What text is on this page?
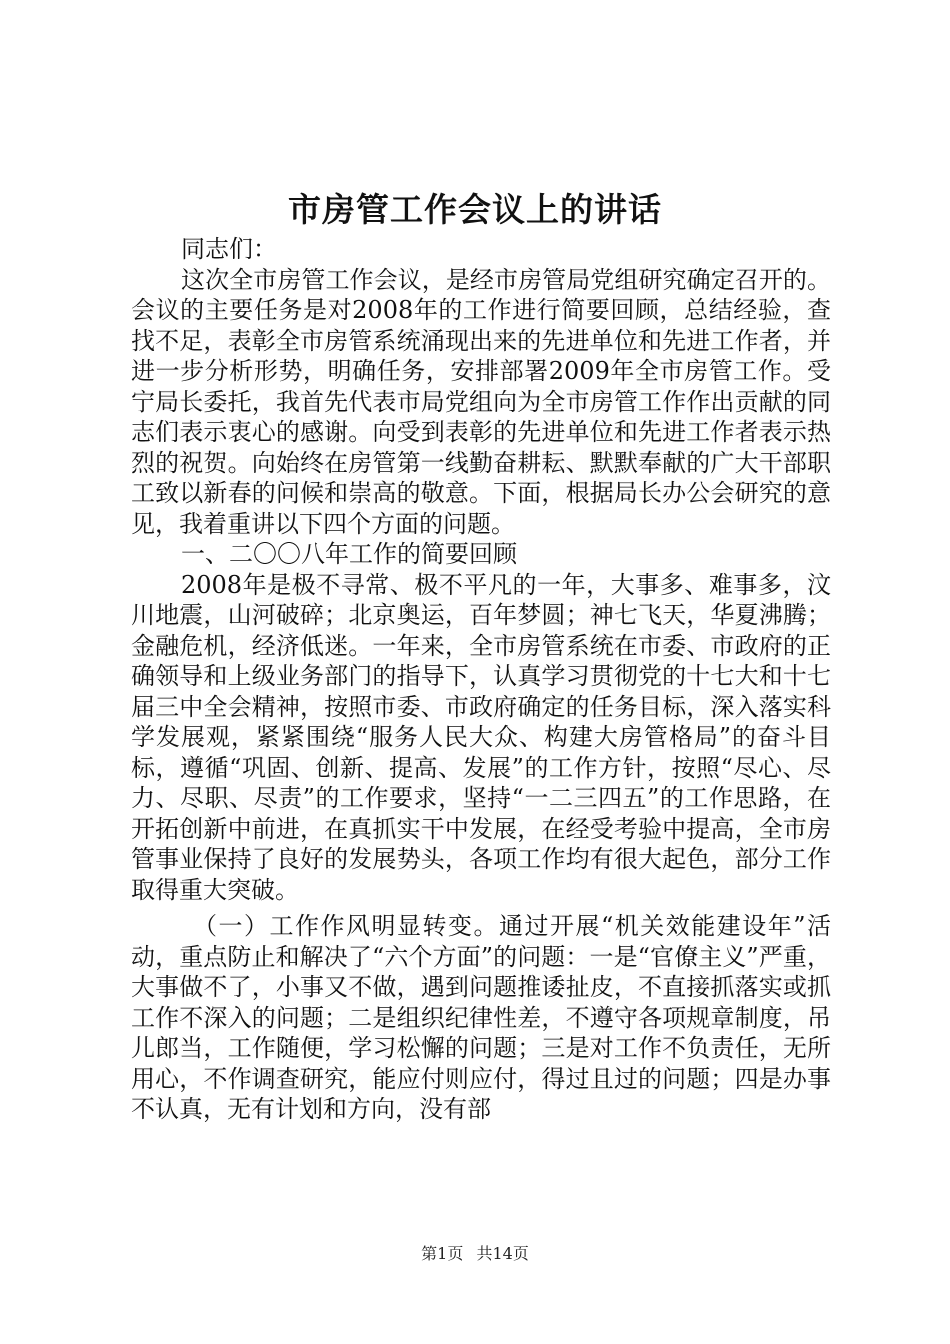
市房管工作会议上的讲话

同志们：

这次全市房管工作会议，是经市房管局党组研究确定召开的。会议的主要任务是对2008年的工作进行简要回顾，总结经验，查找不足，表彰全市房管系统涌现出来的先进单位和先进工作者，并进一步分析形势，明确任务，安排部署2009年全市房管工作。受宁局长委托，我首先代表市局党组向为全市房管工作作出贡献的同志们表示衷心的感谢。向受到表彰的先进单位和先进工作者表示热烈的祝贺。向始终在房管第一线勤奋耕耘、默默奉献的广大干部职工致以新春的问候和崇高的敬意。下面，根据局长办公会研究的意见，我着重讲以下四个方面的问题。

一、二〇〇八年工作的简要回顾

2008年是极不寻常、极不平凡的一年，大事多、难事多，汶川地震，山河破碎；北京奥运，百年梦圆；神七飞天，华夏沸腾；金融危机，经济低迷。一年来，全市房管系统在市委、市政府的正确领导和上级业务部门的指导下，认真学习贯彻党的十七大和十七届三中全会精神，按照市委、市政府确定的任务目标，深入落实科学发展观，紧紧围绕“服务人民大众、构建大房管格局”的奋斗目标，遵循“巩固、创新、提高、发展”的工作方针，按照“尽心、尽力、尽职、尽责”的工作要求，坚持“一二三四五”的工作思路，在开拓创新中前进，在真抓实干中发展，在经受考验中提高，全市房管事业保持了良好的发展势头，各项工作均有很大起色，部分工作取得重大突破。

（一）工作作风明显转变。通过开展“机关效能建设年”活动，重点防止和解决了“六个方面”的问题：一是“官僚主义”严重，大事做不了，小事又不做，遇到问题推诿扯皮，不直接抓落实或抓工作不深入的问题；二是组织纪律性差，不遵守各项规章制度，吊儿郎当，工作随便，学习松懈的问题；三是对工作不负责任，无所用心，不作调查研究，能应付则应付，得过且过的问题；四是办事不认真，无有计划和方向，没有部

第1页 共14页
